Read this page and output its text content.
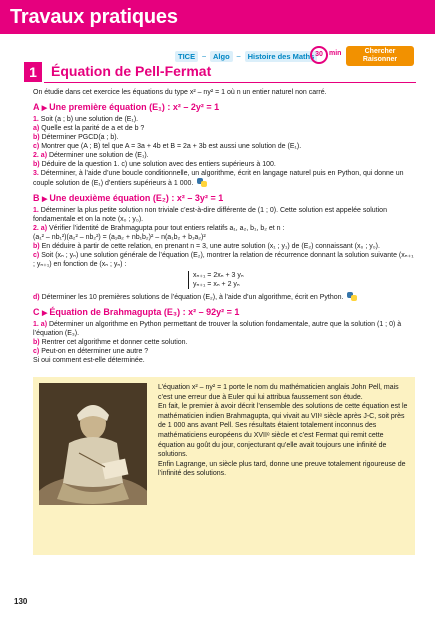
Travaux pratiques
TICE	– Algo	– Histoire des Maths 30 min	Chercher
Raisonner
1	Équation de Pell-Fermat
On étudie dans cet exercice les équations du type x² – ny² = 1 où n un entier naturel non carré.
A ▶ Une première équation (E₁) : x² – 2y² = 1
1. Soit (a ; b) une solution de (E₁).
a) Quelle est la parité de a et de b ?
b) Déterminer PGCD(a ; b).
c) Montrer que (A ; B) tel que A = 3a + 4b et B = 2a + 3b est aussi une solution de (E₁).
2. a) Déterminer une solution de (E₁).
b) Déduire de la question 1. c) une solution avec des entiers supérieurs à 100.
3. Déterminer, à l’aide d’une boucle conditionnelle, un algorithme, écrit en langage naturel puis en Python, qui donne un couple solution de (E₁) d’entiers supérieurs à 1 000.
B ▶ Une deuxième équation (E₂) : x² – 3y² = 1
1. Déterminer la plus petite solution non triviale c’est-à-dire différente de (1 ; 0). Cette solution est appelée solution fondamentale et on la note (x₀ ; y₀).
2. a) Vérifier l’identité de Brahmagupta pour tout entiers relatifs a₁, a₂, b₁, b₂ et n :
(a₁² – nb₁²)(a₂² – nb₂²) = (a₁a₂ + nb₁b₂)² – n(a₁b₂ + b₁a₂)²
b) En déduire à partir de cette relation, en prenant n = 3, une autre solution (x₁ ; y₁) de (E₂) connaissant (x₀ ; y₀).
c) Soit (xₙ ; yₙ) une solution générale de l’équation (E₂), montrer la relation de récurrence donnant la solution suivante (xₙ₊₁ ; yₙ₊₁) en fonction de (xₙ ; yₙ) :
xₙ₊₁ = 2xₙ + 3 yₙ
yₙ₊₁ = xₙ + 2 yₙ
d) Déterminer les 10 premières solutions de l’équation (E₂), à l’aide d’un algorithme, écrit en Python.
C ▶ Équation de Brahmagupta (E₃) : x² – 92y² = 1
1. a) Déterminer un algorithme en Python permettant de trouver la solution fondamentale, autre que la solution (1 ; 0) à l’équation (E₃).
b) Rentrer cet algorithme et donner cette solution.
c) Peut-on en déterminer une autre ?
Si oui comment est-elle déterminée.

L’équation x² – ny² = 1 porte le nom du mathématicien anglais John Pell, mais c’est une erreur due à Euler qui lui attribua faussement son étude.

En fait, le premier à avoir décrit l’ensemble des solutions de cette équation est le mathématicien indien Brahmagupta, qui vivait au VIIᵉ siècle après J-C, soit près de 1 000 ans avant Pell. Ses résultats étaient totalement inconnus des mathématiciens européens du XVIIᵉ siècle et c’est Fermat qui remit cette équation au goût du jour, conjecturant qu’elle avait toujours une infinité de solutions.

Enfin Lagrange, un siècle plus tard, donne une preuve totalement rigoureuse de l’infinité des solutions.

130
